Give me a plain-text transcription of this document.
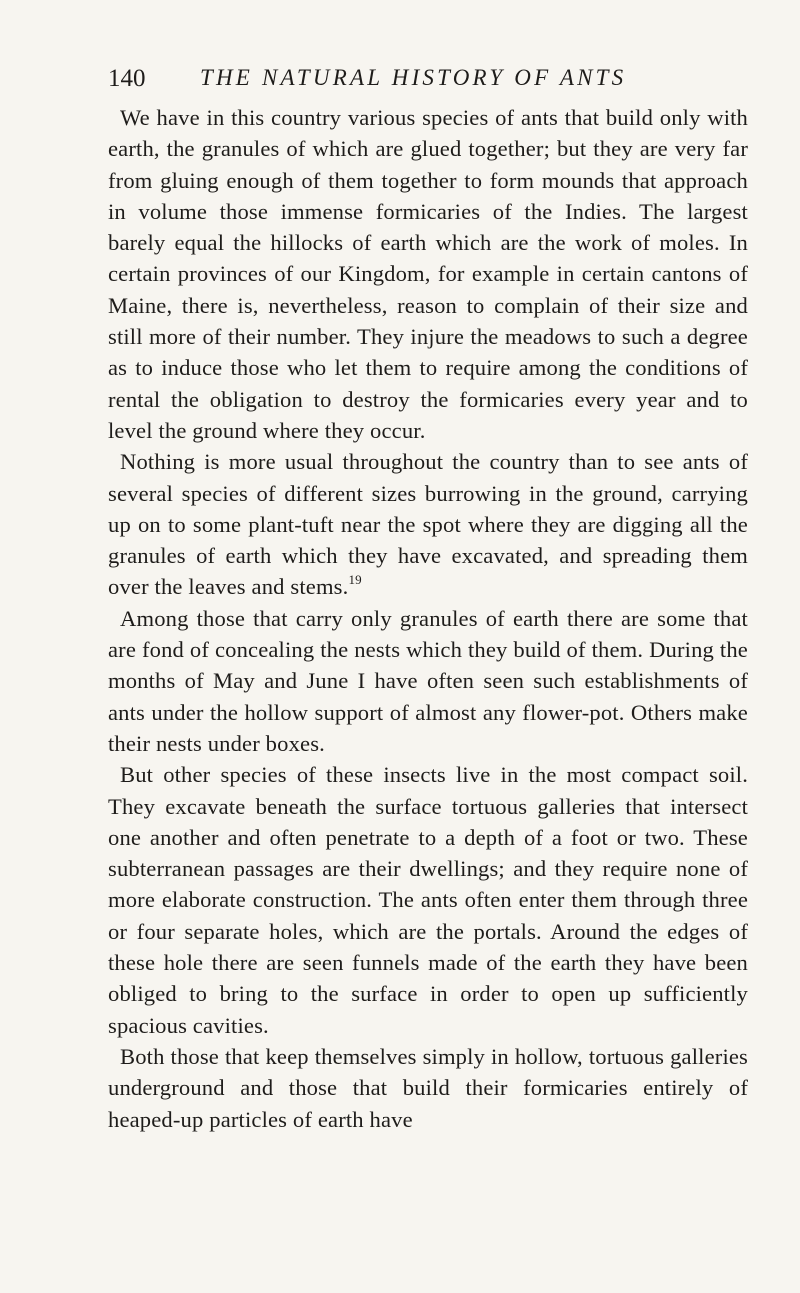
140 THE NATURAL HISTORY OF ANTS

We have in this country various species of ants that build only with earth, the granules of which are glued together; but they are very far from gluing enough of them together to form mounds that approach in volume those immense formicaries of the Indies. The largest barely equal the hillocks of earth which are the work of moles. In certain provinces of our Kingdom, for example in certain cantons of Maine, there is, nevertheless, reason to complain of their size and still more of their number. They injure the meadows to such a degree as to induce those who let them to require among the conditions of rental the obligation to destroy the formicaries every year and to level the ground where they occur.

Nothing is more usual throughout the country than to see ants of several species of different sizes burrowing in the ground, carrying up on to some plant-tuft near the spot where they are digging all the granules of earth which they have excavated, and spreading them over the leaves and stems.$^{19}$

Among those that carry only granules of earth there are some that are fond of concealing the nests which they build of them. During the months of May and June I have often seen such establishments of ants under the hollow support of almost any flower-pot. Others make their nests under boxes.

But other species of these insects live in the most compact soil. They excavate beneath the surface tortuous galleries that intersect one another and often penetrate to a depth of a foot or two. These subterranean passages are their dwellings; and they require none of more elaborate construction. The ants often enter them through three or four separate holes, which are the portals. Around the edges of these hole there are seen funnels made of the earth they have been obliged to bring to the surface in order to open up sufficiently spacious cavities.

Both those that keep themselves simply in hollow, tortuous galleries underground and those that build their formicaries entirely of heaped-up particles of earth have
